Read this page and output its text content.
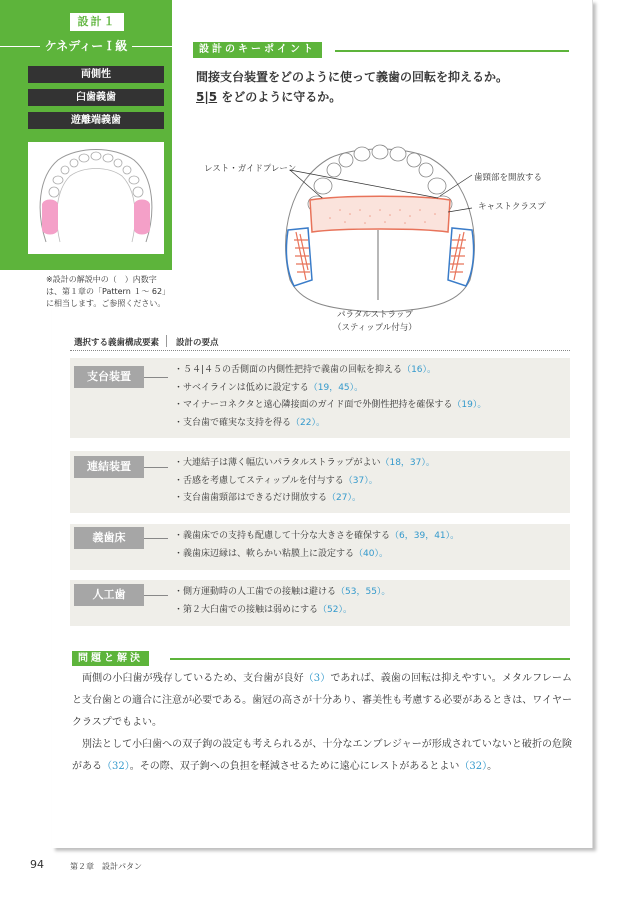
設計１
ケネディーＩ級
両側性
臼歯義歯
遊離端義歯
※設計の解説中の（　）内数字は、第１章の「Pattern １～ 62」に相当します。ご参照ください。
設計のキーポイント
間接支台装置をどのように使って義歯の回転を抑えるか。
5|5 をどのように守るか。
レスト・ガイドプレーン
歯頸部を開放する
キャストクラスプ
パラタルストラップ
（スティップル付与）
選択する義歯構成要素 設計の要点
支台装置	・ ５４|４５の舌側面の内側性把持で義歯の回転を抑える（16）。
・ サベイラインは低めに設定する（19，45）。
・ マイナーコネクタと遠心隣接面のガイド面で外側性把持を確保する（19）。
・ 支台歯で確実な支持を得る（22）。
連結装置	・ 大連結子は薄く幅広いパラタルストラップがよい（18，37）。
・ 舌感を考慮してスティップルを付与する（37）。
・ 支台歯歯頸部はできるだけ開放する（27）。
義歯床	・ 義歯床での支持も配慮して十分な大きさを確保する（6，39，41）。
・ 義歯床辺縁は、軟らかい粘膜上に設定する（40）。
人工歯	・ 側方運動時の人工歯での接触は避ける（53，55）。
・ 第２大臼歯での接触は弱めにする（52）。
問題と解決
　両側の小臼歯が残存しているため、支台歯が良好（3）であれば、義歯の回転は抑えやすい。メタルフレームと支台歯との適合に注意が必要である。歯冠の高さが十分あり、審美性も考慮する必要があるときは、ワイヤークラスプでもよい。
　別法として小臼歯への双子鉤の設定も考えられるが、十分なエンブレジャーが形成されていないと破折の危険がある（32）。その際、双子鉤への負担を軽減させるために遠心にレストがあるとよい（32）。
94	第２章　設計パタン
